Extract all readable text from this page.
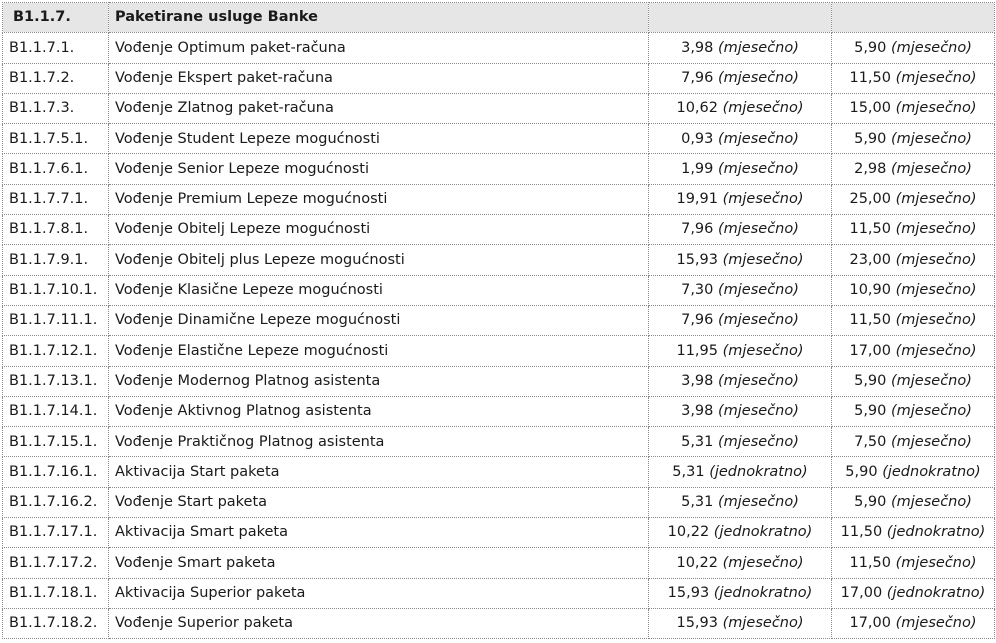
B1.1.7.	Paketirane usluge Banke		
B1.1.7.1.	Vođenje Optimum paket-računa	3,98 (mjesečno)	5,90 (mjesečno)
B1.1.7.2.	Vođenje Ekspert paket-računa	7,96 (mjesečno)	11,50 (mjesečno)
B1.1.7.3.	Vođenje Zlatnog paket-računa	10,62 (mjesečno)	15,00 (mjesečno)
B1.1.7.5.1.	Vođenje Student Lepeze mogućnosti	0,93 (mjesečno)	5,90 (mjesečno)
B1.1.7.6.1.	Vođenje Senior Lepeze mogućnosti	1,99 (mjesečno)	2,98 (mjesečno)
B1.1.7.7.1.	Vođenje Premium Lepeze mogućnosti	19,91 (mjesečno)	25,00 (mjesečno)
B1.1.7.8.1.	Vođenje Obitelj Lepeze mogućnosti	7,96 (mjesečno)	11,50 (mjesečno)
B1.1.7.9.1.	Vođenje Obitelj plus Lepeze mogućnosti	15,93 (mjesečno)	23,00 (mjesečno)
B1.1.7.10.1.	Vođenje Klasične Lepeze mogućnosti	7,30 (mjesečno)	10,90 (mjesečno)
B1.1.7.11.1.	Vođenje Dinamične Lepeze mogućnosti	7,96 (mjesečno)	11,50 (mjesečno)
B1.1.7.12.1.	Vođenje Elastične Lepeze mogućnosti	11,95 (mjesečno)	17,00 (mjesečno)
B1.1.7.13.1.	Vođenje Modernog Platnog asistenta	3,98 (mjesečno)	5,90 (mjesečno)
B1.1.7.14.1.	Vođenje Aktivnog Platnog asistenta	3,98 (mjesečno)	5,90 (mjesečno)
B1.1.7.15.1.	Vođenje Praktičnog Platnog asistenta	5,31 (mjesečno)	7,50 (mjesečno)
B1.1.7.16.1.	Aktivacija Start paketa	5,31 (jednokratno)	5,90 (jednokratno)
B1.1.7.16.2.	Vođenje Start paketa	5,31 (mjesečno)	5,90 (mjesečno)
B1.1.7.17.1.	Aktivacija Smart paketa	10,22 (jednokratno)	11,50 (jednokratno)
B1.1.7.17.2.	Vođenje Smart paketa	10,22 (mjesečno)	11,50 (mjesečno)
B1.1.7.18.1.	Aktivacija Superior paketa	15,93 (jednokratno)	17,00 (jednokratno)
B1.1.7.18.2.	Vođenje Superior paketa	15,93 (mjesečno)	17,00 (mjesečno)
